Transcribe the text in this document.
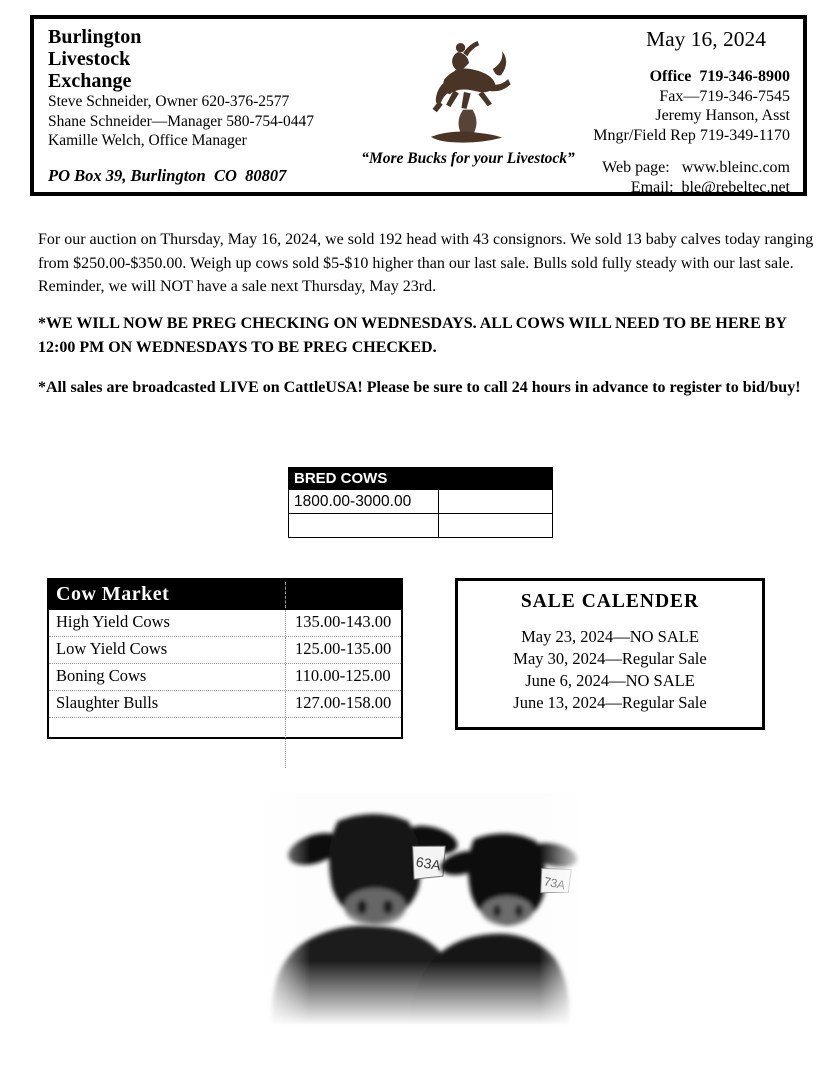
Burlington
Livestock
Exchange
Steve Schneider, Owner 620-376-2577
Shane Schneider—Manager 580-754-0447
Kamille Welch, Office Manager
PO Box 39, Burlington  CO  80807
“More Bucks for your Livestock”
May 16, 2024
Office  719-346-8900
Fax—719-346-7545
Jeremy Hanson, Asst Mngr/Field Rep 719-349-1170
Web page:   www.bleinc.com
Email:  ble@rebeltec.net
For our auction on Thursday, May 16, 2024, we sold 192 head with 43 consignors. We sold 13 baby calves today ranging from $250.00-$350.00. Weigh up cows sold $5-$10 higher than our last sale. Bulls sold fully steady with our last sale. Reminder, we will NOT have a sale next Thursday, May 23rd.
*WE WILL NOW BE PREG CHECKING ON WEDNESDAYS. ALL COWS WILL NEED TO BE HERE BY 12:00 PM ON WEDNESDAYS TO BE PREG CHECKED.
*All sales are broadcasted LIVE on CattleUSA! Please be sure to call 24 hours in advance to register to bid/buy!
BRED COWS	
1800.00-3000.00	

Cow Market
High Yield Cows	135.00-143.00
Low Yield Cows	125.00-135.00
Boning Cows	110.00-125.00
Slaughter Bulls	127.00-158.00
SALE CALENDER
May 23, 2024—NO SALE
May 30, 2024—Regular Sale
June 6, 2024—NO SALE
June 13, 2024—Regular Sale
